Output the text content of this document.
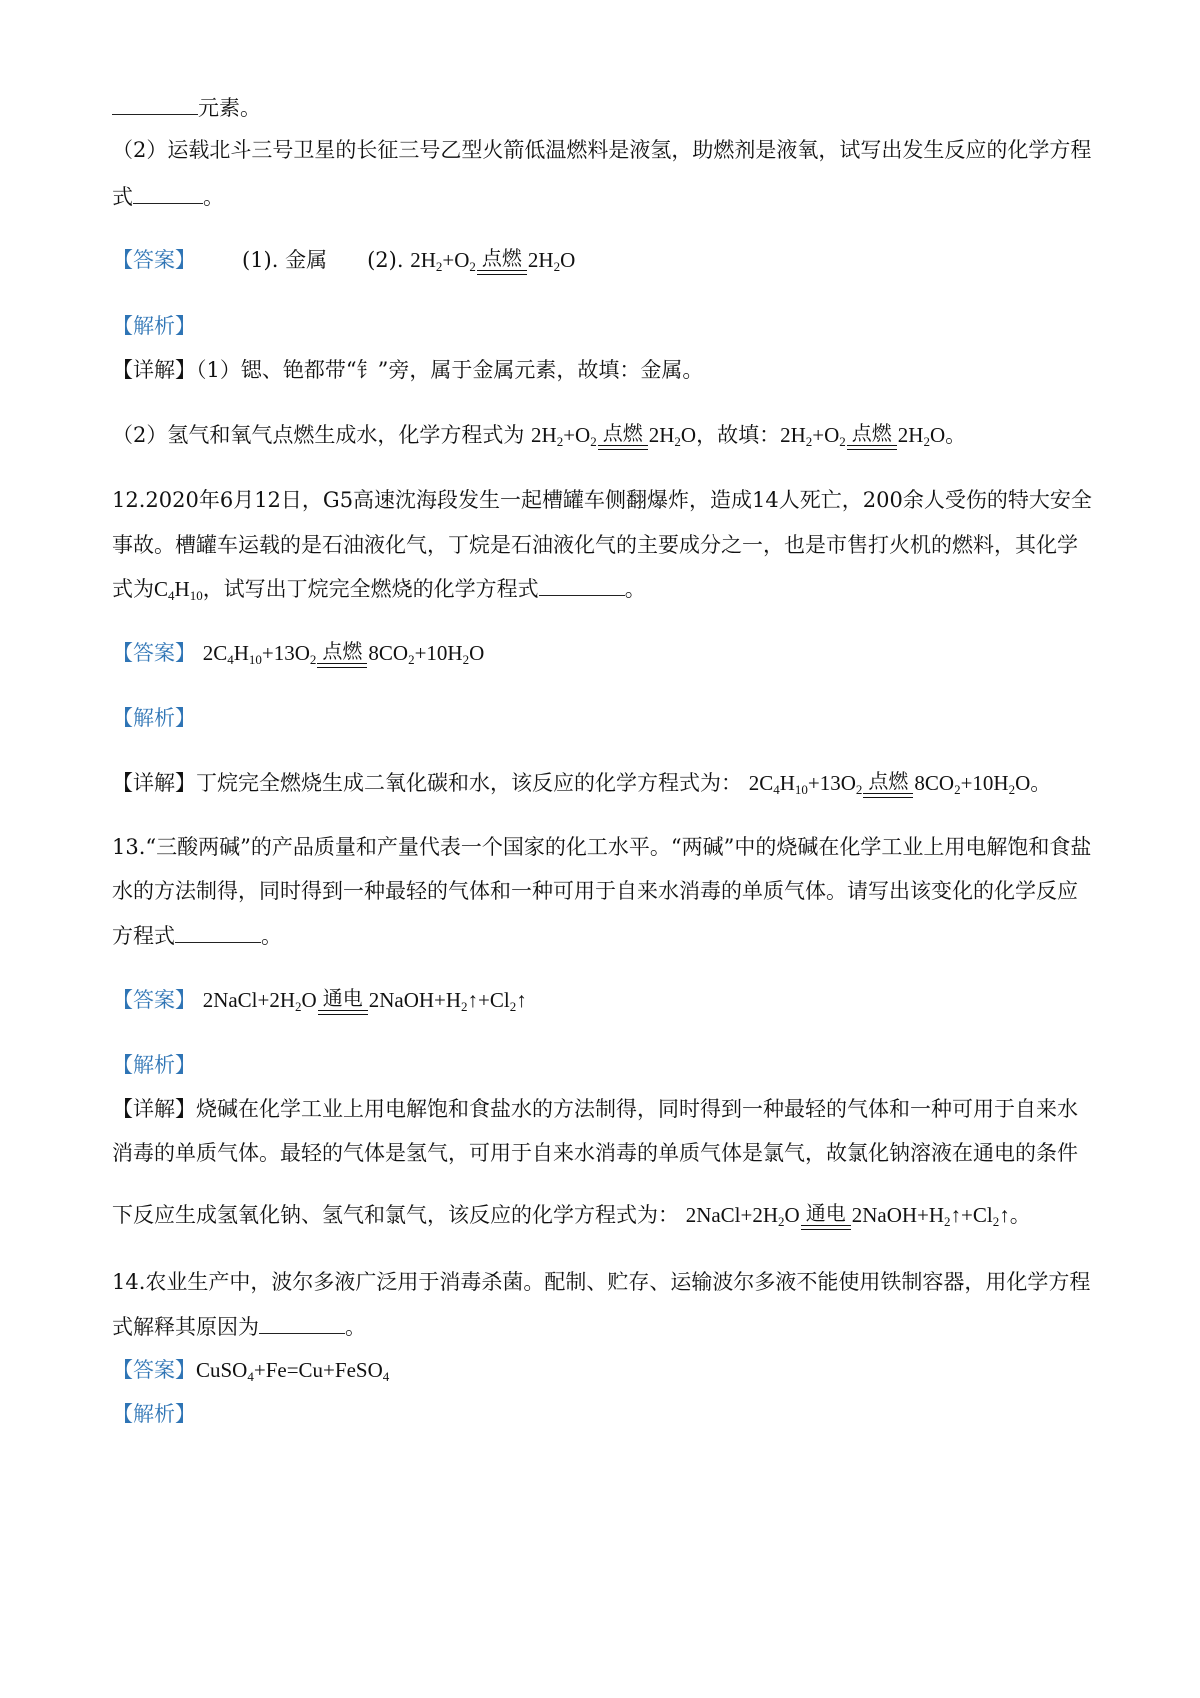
元素。
（2）运载北斗三号卫星的长征三号乙型火箭低温燃料是液氢，助燃剂是液氧，试写出发生反应的化学方程
式	。
【答案】 (1). 金属 (2). $2H_2+O_2$ 点燃 $2H_2O$
【解析】
【详解】（1）锶、铯都带“钅”旁，属于金属元素，故填：金属。
（2）氢气和氧气点燃生成水，化学方程式为 $2H_2+O_2$ 点燃 $2H_2O$，故填：$2H_2+O_2$ 点燃 $2H_2O$。
12.2020年6月12日，G5高速沈海段发生一起槽罐车侧翻爆炸，造成14人死亡，200余人受伤的特大安全
事故。槽罐车运载的是石油液化气，丁烷是石油液化气的主要成分之一，也是市售打火机的燃料，其化学
式为$C_4H_{10}$，试写出丁烷完全燃烧的化学方程式	。
【答案】 $2C_4H_{10}+13O_2$ 点燃 $8CO_2+10H_2O$
【解析】
【详解】丁烷完全燃烧生成二氧化碳和水，该反应的化学方程式为： $2C_4H_{10}+13O_2$ 点燃 $8CO_2+10H_2O$。
13.“三酸两碱”的产品质量和产量代表一个国家的化工水平。“两碱”中的烧碱在化学工业上用电解饱和食盐
水的方法制得，同时得到一种最轻的气体和一种可用于自来水消毒的单质气体。请写出该变化的化学反应
方程式	。
【答案】 $2NaCl+2H_2O$ 通电 $2NaOH+H_2↑+Cl_2↑$
【解析】
【详解】烧碱在化学工业上用电解饱和食盐水的方法制得，同时得到一种最轻的气体和一种可用于自来水
消毒的单质气体。最轻的气体是氢气，可用于自来水消毒的单质气体是氯气，故氯化钠溶液在通电的条件
下反应生成氢氧化钠、氢气和氯气，该反应的化学方程式为： $2NaCl+2H_2O$ 通电 $2NaOH+H_2↑+Cl_2↑$。
14.农业生产中，波尔多液广泛用于消毒杀菌。配制、贮存、运输波尔多液不能使用铁制容器，用化学方程
式解释其原因为	。
【答案】CuSO$_4$+Fe=Cu+FeSO$_4$
【解析】
